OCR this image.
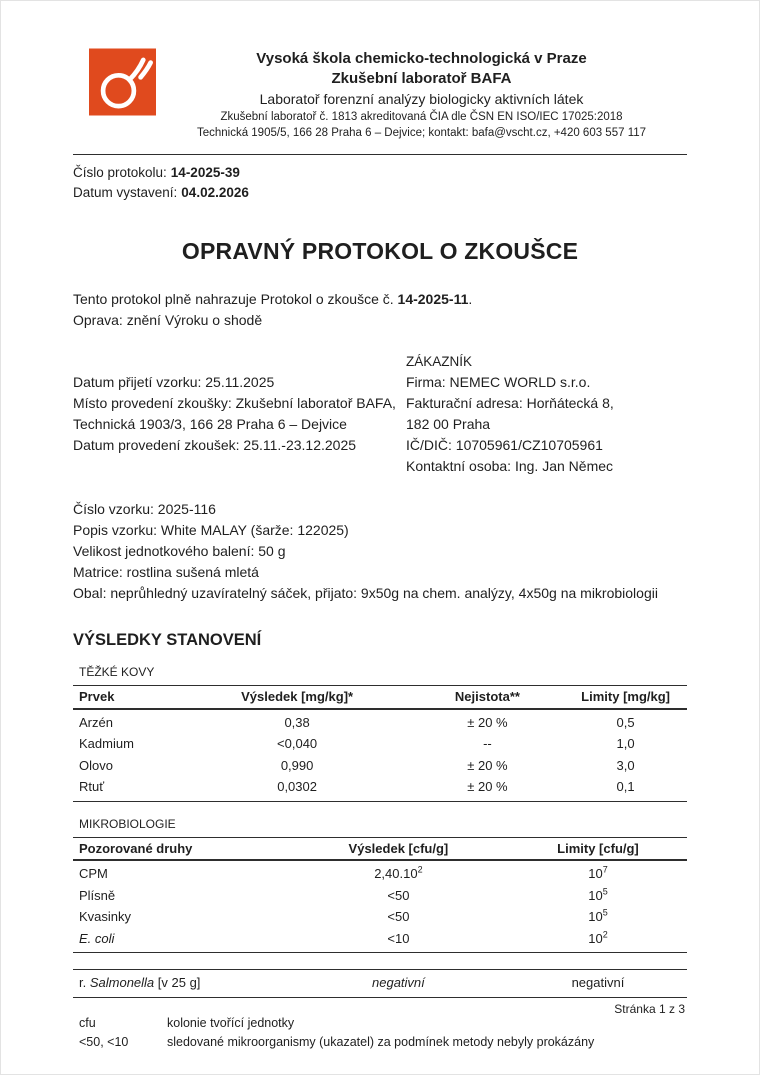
Vysoká škola chemicko-technologická v Praze
Zkušební laboratoř BAFA
Laboratoř forenzní analýzy biologicky aktivních látek
Zkušební laboratoř č. 1813 akreditovaná ČIA dle ČSN EN ISO/IEC 17025:2018
Technická 1905/5, 166 28 Praha 6 – Dejvice; kontakt: bafa@vscht.cz, +420 603 557 117
Číslo protokolu: 14-2025-39
Datum vystavení: 04.02.2026
OPRAVNÝ PROTOKOL O ZKOUŠCE

Tento protokol plně nahrazuje Protokol o zkoušce č. 14-2025-11.

Oprava: znění Výroku o shodě

Datum přijetí vzorku: 25.11.2025
Místo provedení zkoušky: Zkušební laboratoř BAFA,
Technická 1903/3, 166 28 Praha 6 – Dejvice
Datum provedení zkoušek: 25.11.-23.12.2025
ZÁKAZNÍK
Firma: NEMEC WORLD s.r.o.
Fakturační adresa: Horňátecká 8,
182 00 Praha
IČ/DIČ: 10705961/CZ10705961
Kontaktní osoba: Ing. Jan Němec
Číslo vzorku: 2025-116
Popis vzorku: White MALAY (šarže: 122025)
Velikost jednotkového balení: 50 g
Matrice: rostlina sušená mletá
Obal: neprůhledný uzavíratelný sáček, přijato: 9x50g na chem. analýzy, 4x50g na mikrobiologii
VÝSLEDKY STANOVENÍ
TĚŽKÉ KOVY
Prvek	Výsledek [mg/kg]*	Nejistota**	Limity [mg/kg]
Arzén	0,38	± 20 %	0,5
Kadmium	<0,040	--	1,0
Olovo	0,990	± 20 %	3,0
Rtuť	0,0302	± 20 %	0,1
MIKROBIOLOGIE
Pozorované druhy	Výsledek [cfu/g]	Limity [cfu/g]
CPM	2,40.10$^2$	$10^7$
Plísně	<50	$10^5$
Kvasinky	<50	$10^5$
E. coli	<10	$10^2$
r. Salmonella [v 25 g]	negativní	negativní
cfu	kolonie tvořící jednotky
<50, <10	sledované mikroorganismy (ukazatel) za podmínek metody nebyly prokázány
Stránka 1 z 3
